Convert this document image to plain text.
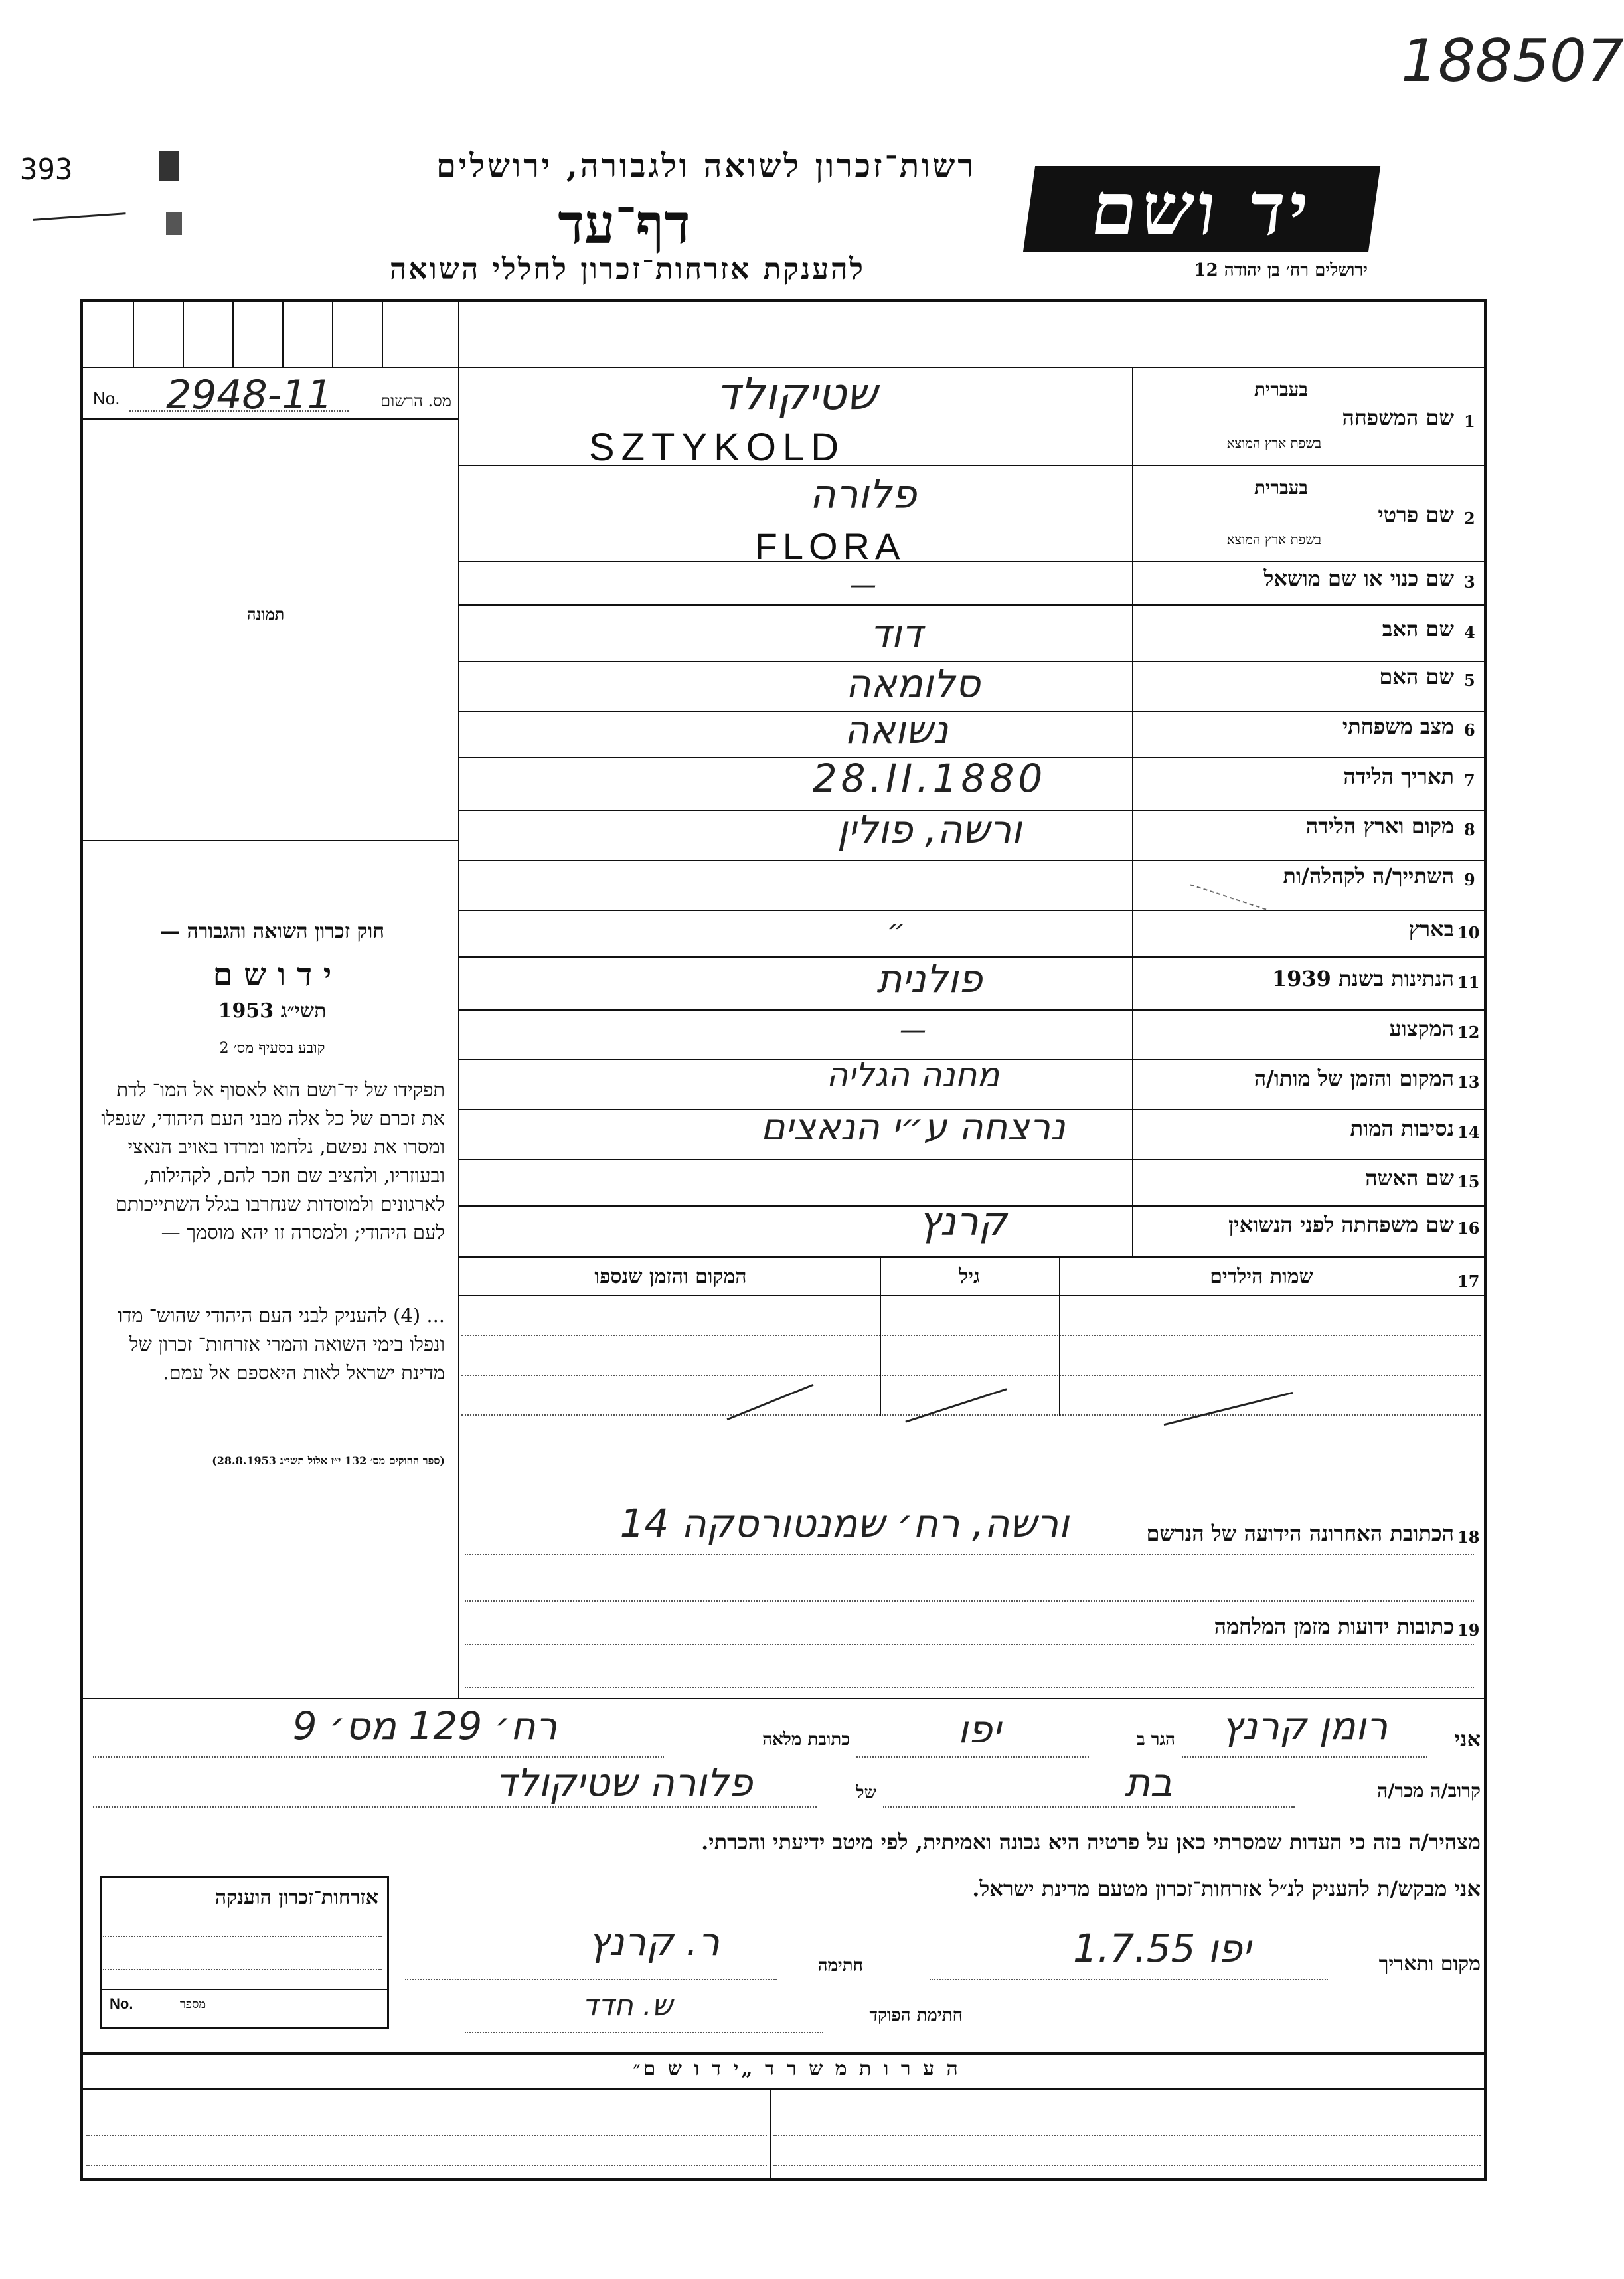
188507
393	רשות־זכרון לשואה ולגבורה, ירושלים
דף־עד
להענקת אזרחות־זכרון לחללי השואה
יד ושם
ירושלים רח׳ בן יהודה 12
No. 2948-11	מס. הרשום
תמונה
חוק זכרון השואה והגבורה —
י ד ו ש ם
תשי״ג 1953
קובע בסעיף מס׳ 2
תפקידו של יד־ושם הוא לאסוף אל המו־ לדת את זכרם של כל אלה מבני העם היהודי, שנפלו ומסרו את נפשם, נלחמו ומרדו באויב הנאצי ובעוזריו, ולהציב שם וזכר להם, לקהילות, לארגונים ולמוסדות שנחרבו בגלל השתייכותם לעם היהודי; ולמסרה זו יהא מוסמך —
... (4) להעניק לבני העם היהודי שהוש־ מדו ונפלו בימי השואה והמרי אזרחות־ זכרון של מדינת ישראל לאות היאספם אל עמם.
(ספר החוקים מס׳ 132 י״ז אלול תשי״ג 28.8.1953)
בעברית
שם המשפחה 1
בשפת ארץ המוצא
שטיקולד
SZTYKOLD
בעברית
שם פרטי 2
בשפת ארץ המוצא
פלורה
FLORA
שם כנוי או שם מושאל 3
—
שם האב 4
דוד
שם האם 5
סלומאה
מצב משפחתי 6
נשואה
תאריך הלידה 7
28.II.1880
מקום וארץ הלידה 8
ורשה, פולין
השתייך/ה לקהלה/ות 9
בארץ 10
״
הנתינות בשנת 1939 11
פולנית
המקצוע 12
—
המקום והזמן של מותו/ה 13
מחנה הגליה
נסיבות המות 14
נרצחה ע״י הנאצים
שם האשה 15
שם משפחתה לפני הנשואין 16
קרנץ
17
שמות הילדים
גיל
המקום והזמן שנספו
18
הכתובת האחרונה הידועה של הנרשם
ורשה, רח׳ שמנטורסקה 14
19
כתובות ידועות מזמן המלחמה
אני
רומן קרנץ
הגר ב
יפו
כתובת מלאה
רח׳ 129 מס׳ 9
קרוב/ה מכר/ה
בת
של
פלורה שטיקולד
מצהיר/ה בזה כי העדות שמסרתי כאן על פרטיה היא נכונה ואמיתית, לפי מיטב ידיעתי והכרתי.
אני מבקש/ת להעניק לנ״ל אזרחות־זכרון מטעם מדינת ישראל.
מקום ותאריך
יפו 1.7.55
חתימה
ר. קרנץ
חתימת הפוקד
ש. חדד
אזרחות־זכרון הוענקה
No.	מספר
ה ע ר ו ת מ ש ר ד „י ד ו ש ם״
